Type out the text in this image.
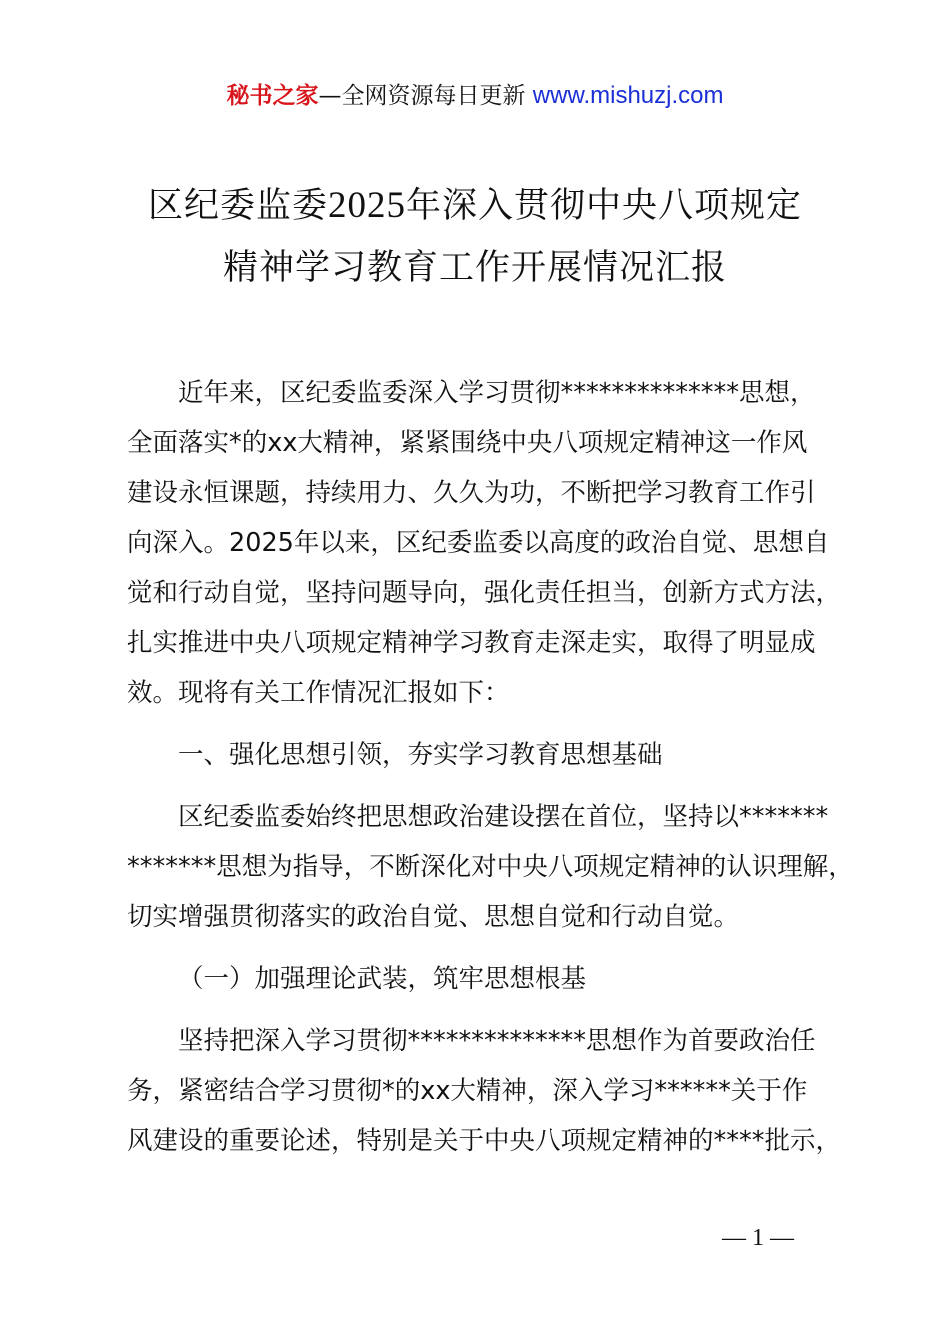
秘书之家—全网资源每日更新 www.mishuzj.com
区纪委监委2025年深入贯彻中央八项规定
精神学习教育工作开展情况汇报
近年来，区纪委监委深入学习贯彻**************思想，
全面落实*的xx大精神，紧紧围绕中央八项规定精神这一作风
建设永恒课题，持续用力、久久为功，不断把学习教育工作引
向深入。2025年以来，区纪委监委以高度的政治自觉、思想自
觉和行动自觉，坚持问题导向，强化责任担当，创新方式方法，
扎实推进中央八项规定精神学习教育走深走实，取得了明显成
效。现将有关工作情况汇报如下：
一、强化思想引领，夯实学习教育思想基础
区纪委监委始终把思想政治建设摆在首位，坚持以*******
*******思想为指导，不断深化对中央八项规定精神的认识理解，
切实增强贯彻落实的政治自觉、思想自觉和行动自觉。
（一）加强理论武装，筑牢思想根基
坚持把深入学习贯彻**************思想作为首要政治任
务，紧密结合学习贯彻*的xx大精神，深入学习******关于作
风建设的重要论述，特别是关于中央八项规定精神的****批示，
— 1 —
